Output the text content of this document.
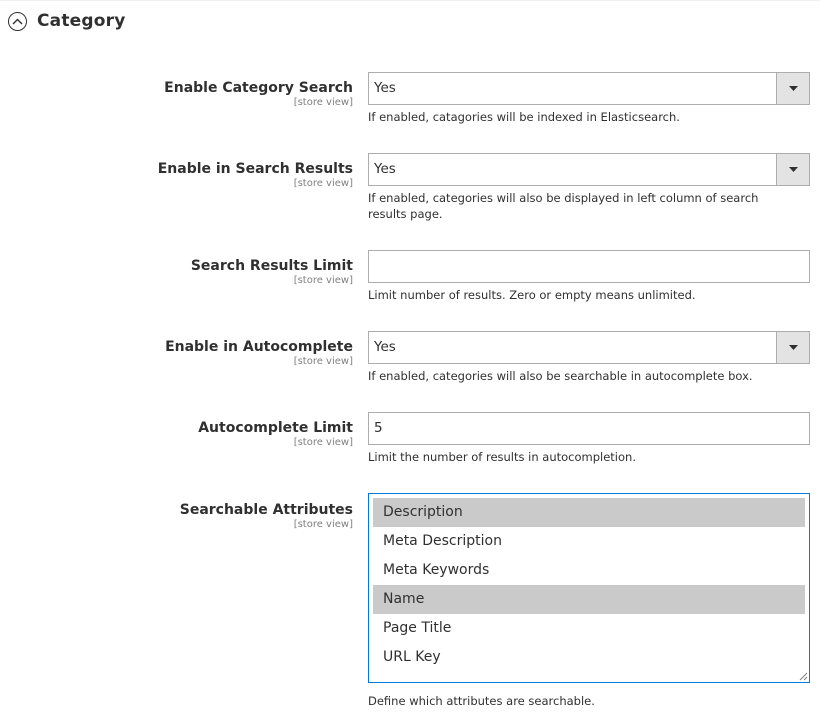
Category
Enable Category Search
[store view]
Yes
If enabled, catagories will be indexed in Elasticsearch.
Enable in Search Results
[store view]
Yes
If enabled, categories will also be displayed in left column of search results page.
Search Results Limit
[store view]
Limit number of results. Zero or empty means unlimited.
Enable in Autocomplete
[store view]
Yes
If enabled, categories will also be searchable in autocomplete box.
Autocomplete Limit
[store view]
5
Limit the number of results in autocompletion.
Searchable Attributes
[store view]
Description
Meta Description
Meta Keywords
Name
Page Title
URL Key
Define which attributes are searchable.
